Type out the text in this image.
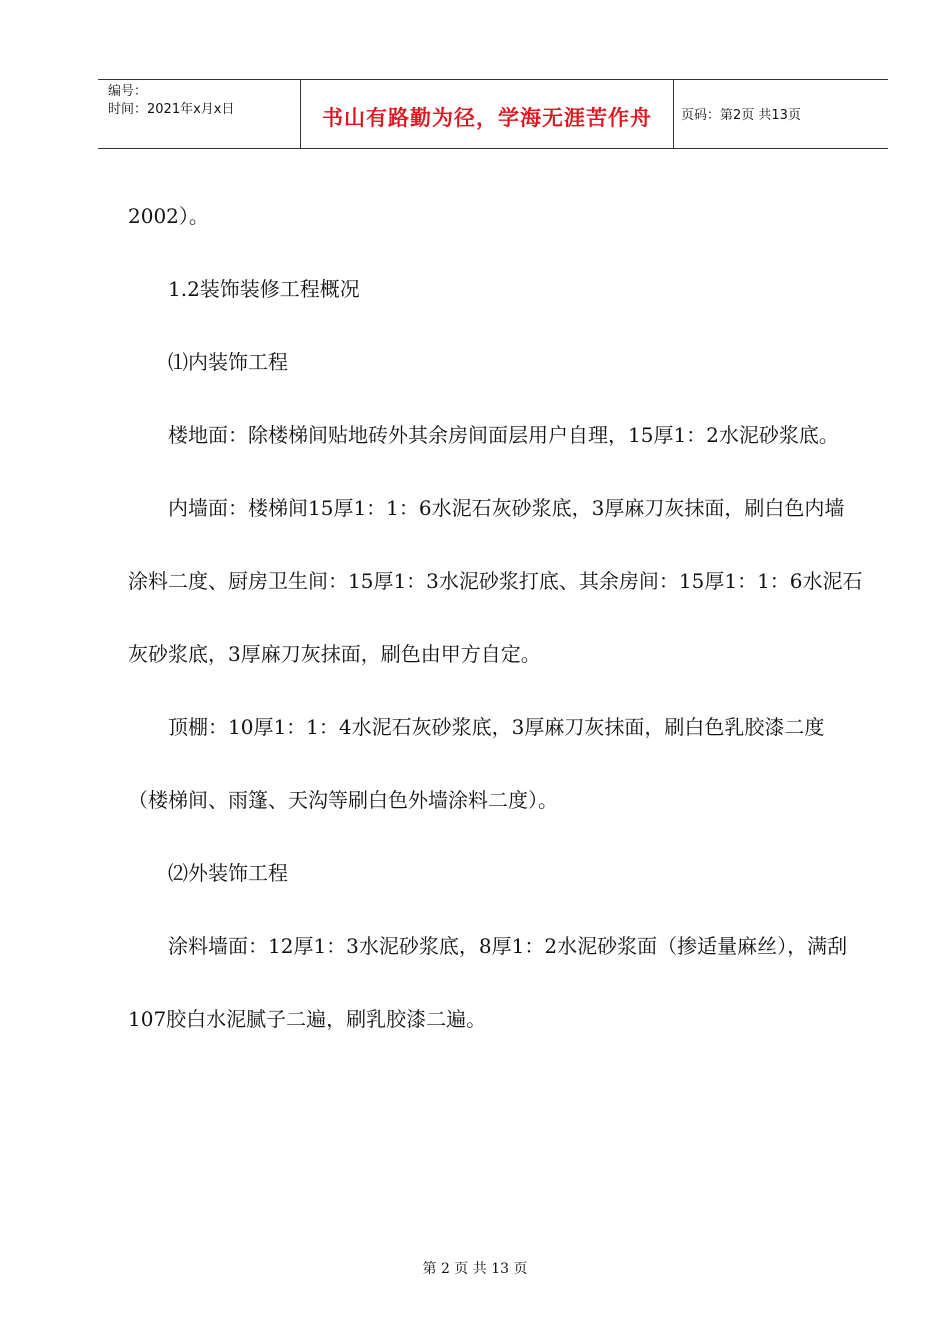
编号：
时间：2021年x月x日	书山有路勤为径，学海无涯苦作舟	页码：第2页 共13页

2002）。

1.2装饰装修工程概况

⑴内装饰工程

楼地面：除楼梯间贴地砖外其余房间面层用户自理，15厚1：2水泥砂浆底。

内墙面：楼梯间15厚1：1：6水泥石灰砂浆底，3厚麻刀灰抹面，刷白色内墙涂料二度、厨房卫生间：15厚1：3水泥砂浆打底、其余房间：15厚1：1：6水泥石灰砂浆底，3厚麻刀灰抹面，刷色由甲方自定。

顶棚：10厚1：1：4水泥石灰砂浆底，3厚麻刀灰抹面，刷白色乳胶漆二度（楼梯间、雨篷、天沟等刷白色外墙涂料二度）。

⑵外装饰工程

涂料墙面：12厚1：3水泥砂浆底，8厚1：2水泥砂浆面（掺适量麻丝），满刮107胶白水泥腻子二遍，刷乳胶漆二遍。

第 2 页 共 13 页
